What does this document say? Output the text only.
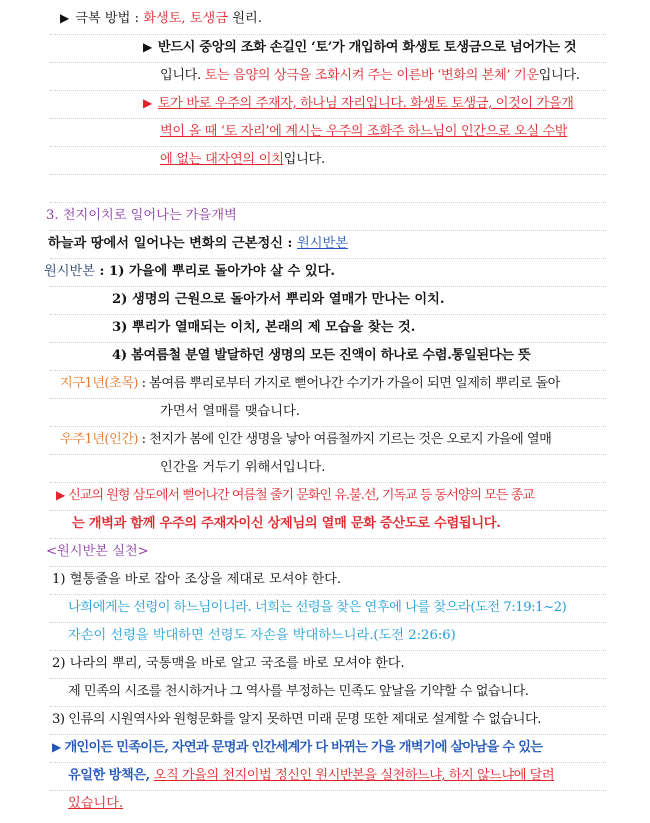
▶ 극복 방법 : 화생토, 토생금 원리.
▶ 반드시 중앙의 조화 손길인 ‘토’가 개입하여 화생토 토생금으로 넘어가는 것
입니다. 토는 음양의 상극을 조화시켜 주는 이른바 ‘변화의 본체’ 기운입니다.
▶ 토가 바로 우주의 주재자, 하나님 자리입니다. 화생토 토생금, 이것이 가을개
벽이 올 때 ‘토 자리’에 계시는 우주의 조화주 하느님이 인간으로 오실 수밖
에 없는 대자연의 이치입니다.
3. 천지이치로 일어나는 가을개벽
하늘과 땅에서 일어나는 변화의 근본정신 : 원시반본
원시반본 : 1) 가을에 뿌리로 돌아가야 살 수 있다.
2) 생명의 근원으로 돌아가서 뿌리와 열매가 만나는 이치.
3) 뿌리가 열매되는 이치, 본래의 제 모습을 찾는 것.
4) 봄여름철 분열 발달하던 생명의 모든 진액이 하나로 수렴.통일된다는 뜻
지구1년(초목) : 봄여름 뿌리로부터 가지로 뻗어나간 수기가 가을이 되면 일제히 뿌리로 돌아
가면서 열매를 맺습니다.
우주1년(인간) : 천지가 봄에 인간 생명을 낳아 여름철까지 기르는 것은 오로지 가을에 열매
인간을 거두기 위해서입니다.
▶ 신교의 원형 삼도에서 뻗어나간 여름철 줄기 문화인 유.불.선, 기독교 등 동서양의 모든 종교
는 개벽과 함께 우주의 주재자이신 상제님의 열매 문화 증산도로 수렴됩니다.
<원시반본 실천>
1) 혈통줄을 바로 잡아 조상을 제대로 모셔야 한다.
나희에게는 선령이 하느님이니라. 너희는 선령을 찾은 연후에 나를 찾으라(도전 7:19:1~2)
자손이 선령을 박대하면 선령도 자손을 박대하느니라.(도전 2:26:6)
2) 나라의 뿌리, 국통맥을 바로 알고 국조를 바로 모셔야 한다.
제 민족의 시조를 천시하거나 그 역사를 부정하는 민족도 앞날을 기약할 수 없습니다.
3) 인류의 시원역사와 원형문화를 알지 못하면 미래 문명 또한 제대로 설계할 수 없습니다.
▶ 개인이든 민족이든, 자연과 문명과 인간세계가 다 바뀌는 가을 개벽기에 살아남을 수 있는
유일한 방책은, 오직 가을의 천지이법 정신인 원시반본을 실천하느냐, 하지 않느냐에 달려
있습니다.
